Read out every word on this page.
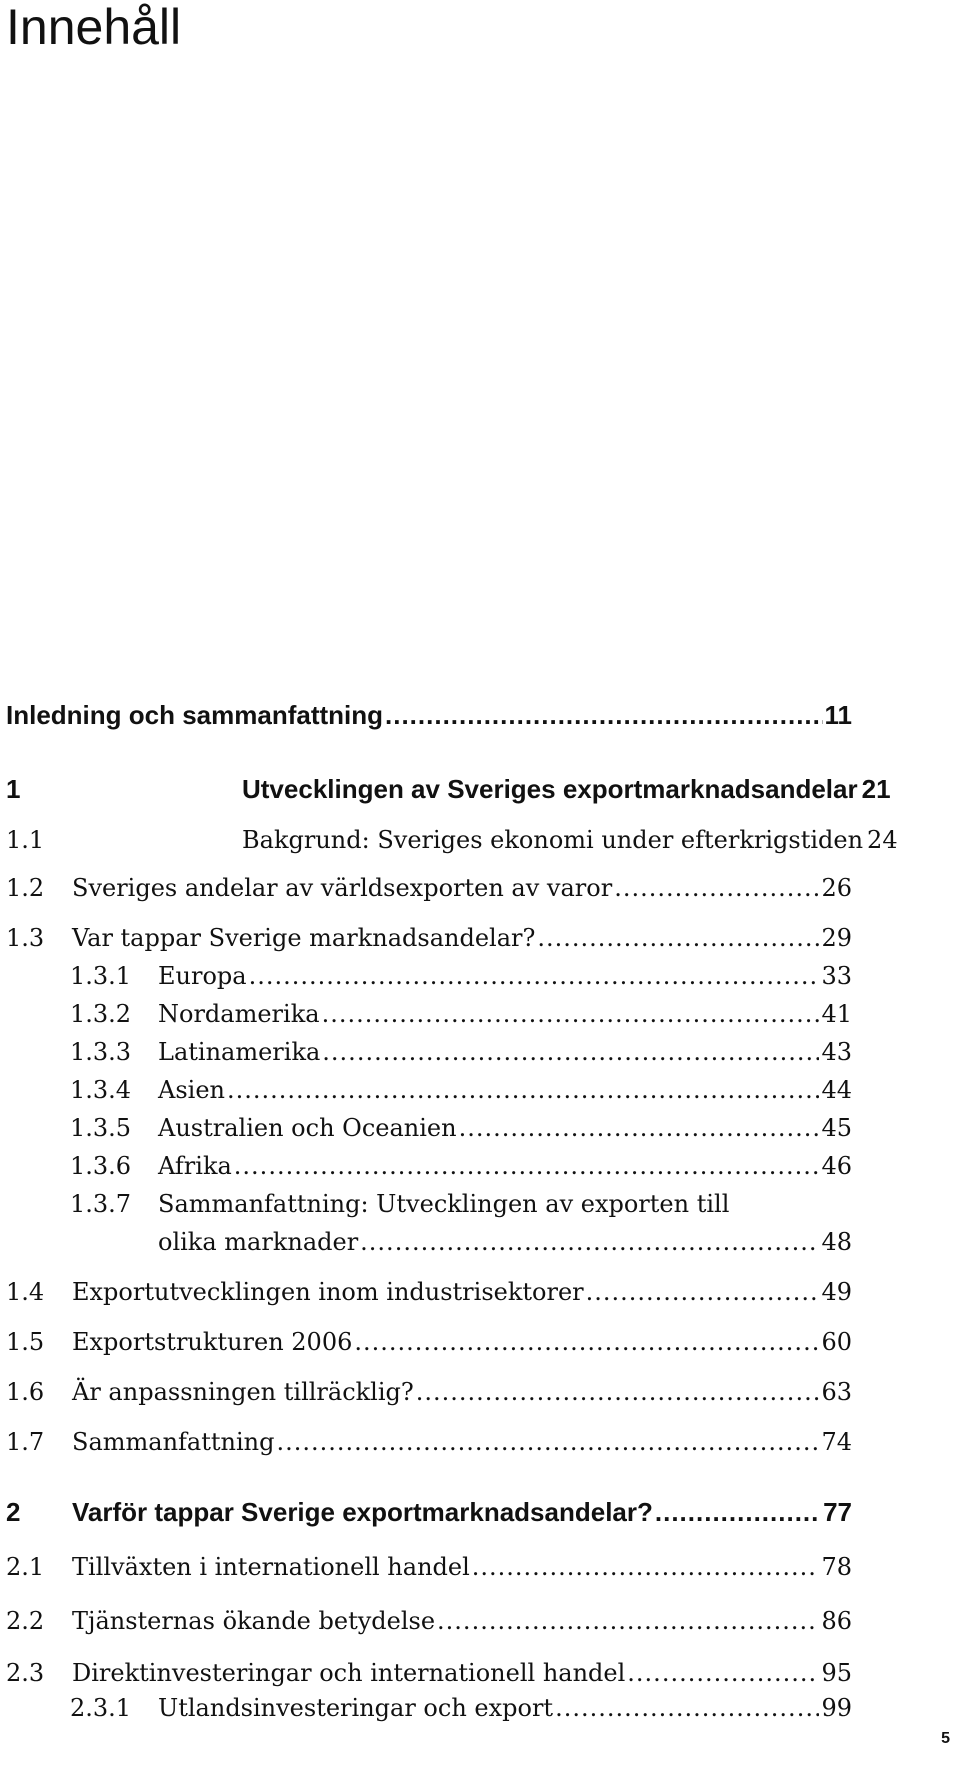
Innehåll
Inledning och sammanfattning .....	11
1	Utvecklingen av Sveriges exportmarknadsandelar 21
1.1	Bakgrund: Sveriges ekonomi under efterkrigstiden 24
1.2	Sveriges andelar av världsexporten av varor .....	26
1.3	Var tappar Sverige marknadsandelar? .....	29
1.3.1	Europa .....	33
1.3.2	Nordamerika .....	41
1.3.3	Latinamerika .....	43
1.3.4	Asien .....	44
1.3.5	Australien och Oceanien .....	45
1.3.6	Afrika .....	46
1.3.7	Sammanfattning: Utvecklingen av exporten till
olika marknader .....	48
1.4	Exportutvecklingen inom industrisektorer .....	49
1.5	Exportstrukturen 2006 .....	60
1.6	Är anpassningen tillräcklig? .....	63
1.7	Sammanfattning .....	74
2	Varför tappar Sverige exportmarknadsandelar? .....	77
2.1	Tillväxten i internationell handel .....	78
2.2	Tjänsternas ökande betydelse .....	86
2.3	Direktinvesteringar och internationell handel .....	95
2.3.1	Utlandsinvesteringar och export .....	99
5
